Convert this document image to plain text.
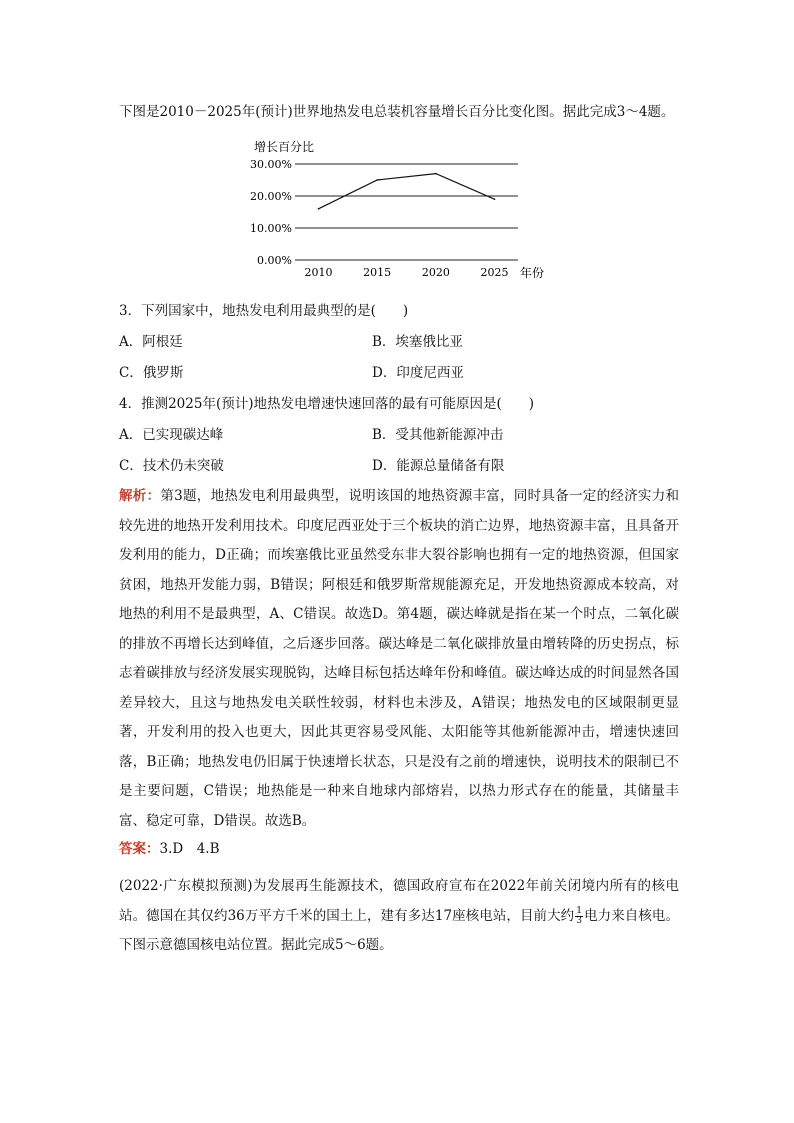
下图是2010－2025年(预计)世界地热发电总装机容量增长百分比变化图。据此完成3～4题。
增长百分比
30.00%
20.00%
10.00%
0.00%
2010	2015	2020	2025 年份
3．下列国家中，地热发电利用最典型的是(　　)
A．阿根廷	B．埃塞俄比亚
C．俄罗斯	D．印度尼西亚
4．推测2025年(预计)地热发电增速快速回落的最有可能原因是(　　)
A．已实现碳达峰	B．受其他新能源冲击
C．技术仍未突破	D．能源总量储备有限
解析：第3题，地热发电利用最典型，说明该国的地热资源丰富，同时具备一定的经济实力和较先进的地热开发利用技术。印度尼西亚处于三个板块的消亡边界，地热资源丰富，且具备开发利用的能力，D正确；而埃塞俄比亚虽然受东非大裂谷影响也拥有一定的地热资源，但国家贫困，地热开发能力弱，B错误；阿根廷和俄罗斯常规能源充足，开发地热资源成本较高，对地热的利用不是最典型，A、C错误。故选D。第4题，碳达峰就是指在某一个时点，二氧化碳的排放不再增长达到峰值，之后逐步回落。碳达峰是二氧化碳排放量由增转降的历史拐点，标志着碳排放与经济发展实现脱钩，达峰目标包括达峰年份和峰值。碳达峰达成的时间显然各国差异较大，且这与地热发电关联性较弱，材料也未涉及，A错误；地热发电的区域限制更显著，开发利用的投入也更大，因此其更容易受风能、太阳能等其他新能源冲击，增速快速回落，B正确；地热发电仍旧属于快速增长状态，只是没有之前的增速快，说明技术的限制已不是主要问题，C错误；地热能是一种来自地球内部熔岩，以热力形式存在的能量，其储量丰富、稳定可靠，D错误。故选B。
答案：3.D　4.B
(2022·广东模拟预测)为发展再生能源技术，德国政府宣布在2022年前关闭境内所有的核电站。德国在其仅约36万平方千米的国土上，建有多达17座核电站，目前大约 $\frac{1}{3}$ 电力来自核电。下图示意德国核电站位置。据此完成5～6题。
